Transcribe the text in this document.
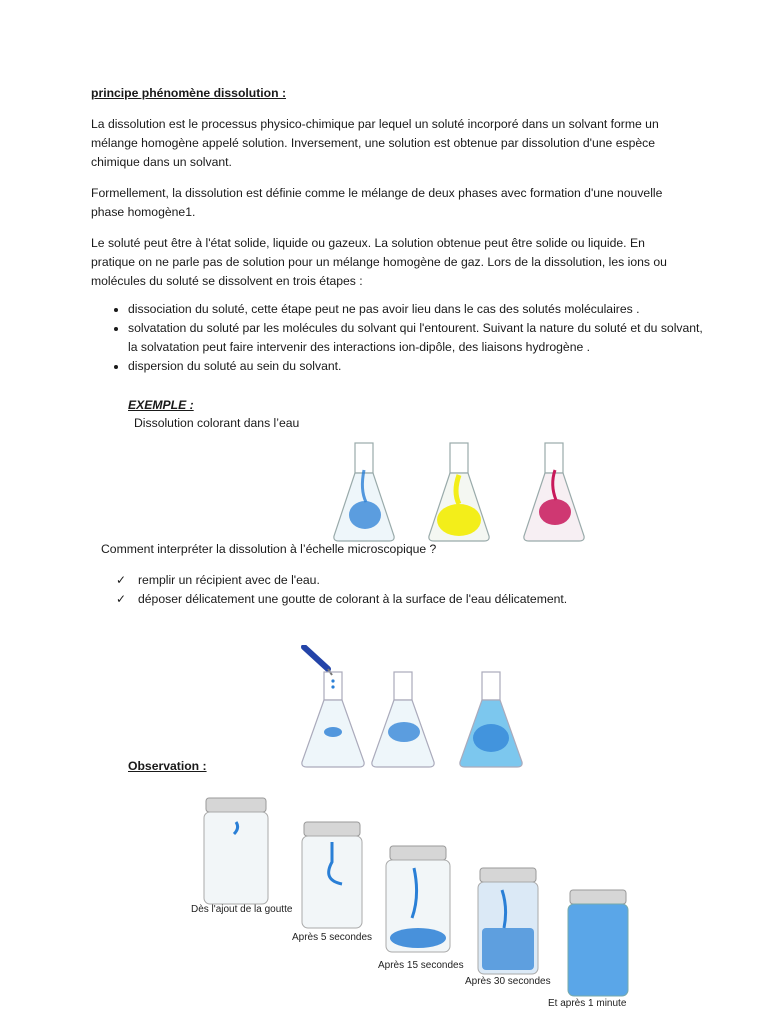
principe phénomène dissolution :

La dissolution est le processus physico-chimique par lequel un soluté incorporé dans un solvant forme un mélange homogène appelé solution. Inversement, une solution est obtenue par dissolution d'une espèce chimique dans un solvant.

Formellement, la dissolution est définie comme le mélange de deux phases avec formation d'une nouvelle phase homogène1.

Le soluté peut être à l'état solide, liquide ou gazeux. La solution obtenue peut être solide ou liquide. En pratique on ne parle pas de solution pour un mélange homogène de gaz. Lors de la dissolution, les ions ou molécules du soluté se dissolvent en trois étapes :

• dissociation du soluté, cette étape peut ne pas avoir lieu dans le cas des solutés moléculaires .
• solvatation du soluté par les molécules du solvant qui l'entourent. Suivant la nature du soluté et du solvant, la solvatation peut faire intervenir des interactions ion-dipôle, des liaisons hydrogène .
• dispersion du soluté au sein du solvant.
EXEMPLE :
Dissolution colorant dans l’eau
Comment interpréter la dissolution à l’échelle microscopique ?
✓ remplir un récipient avec de l'eau.
✓ déposer délicatement une goutte de colorant à la surface de l'eau délicatement.
Observation :
Dès l'ajout de la goutte
Après 5 secondes
Après 15 secondes
Après 30 secondes
Et après 1 minute
